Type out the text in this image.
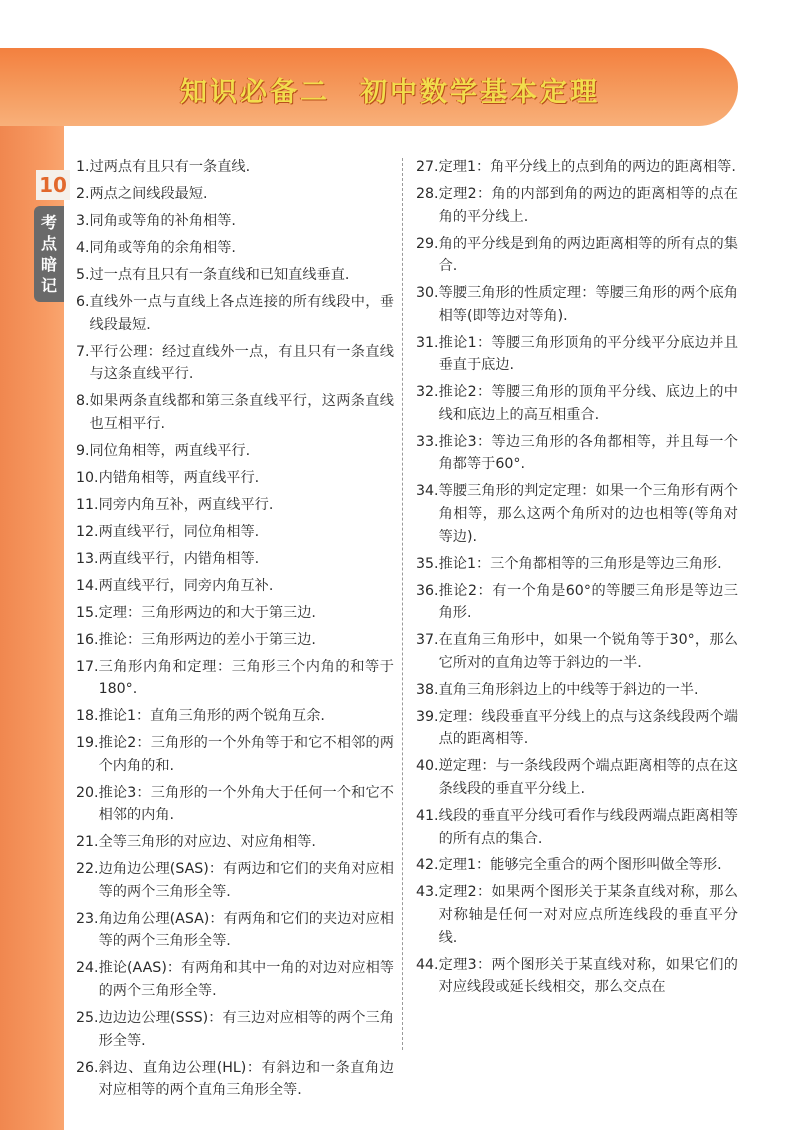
知识必备二　初中数学基本定理
10
考
点
暗
记
1. 过两点有且只有一条直线.
2. 两点之间线段最短.
3. 同角或等角的补角相等.
4. 同角或等角的余角相等.
5. 过一点有且只有一条直线和已知直线垂直.
6. 直线外一点与直线上各点连接的所有线段中，垂线段最短.
7. 平行公理：经过直线外一点，有且只有一条直线与这条直线平行.
8. 如果两条直线都和第三条直线平行，这两条直线也互相平行.
9. 同位角相等，两直线平行.
10. 内错角相等，两直线平行.
11. 同旁内角互补，两直线平行.
12. 两直线平行，同位角相等.
13. 两直线平行，内错角相等.
14. 两直线平行，同旁内角互补.
15. 定理：三角形两边的和大于第三边.
16. 推论：三角形两边的差小于第三边.
17. 三角形内角和定理：三角形三个内角的和等于180°.
18. 推论1：直角三角形的两个锐角互余.
19. 推论2：三角形的一个外角等于和它不相邻的两个内角的和.
20. 推论3：三角形的一个外角大于任何一个和它不相邻的内角.
21. 全等三角形的对应边、对应角相等.
22. 边角边公理(SAS)：有两边和它们的夹角对应相等的两个三角形全等.
23. 角边角公理(ASA)：有两角和它们的夹边对应相等的两个三角形全等.
24. 推论(AAS)：有两角和其中一角的对边对应相等的两个三角形全等.
25. 边边边公理(SSS)：有三边对应相等的两个三角形全等.
26. 斜边、直角边公理(HL)：有斜边和一条直角边对应相等的两个直角三角形全等.
27. 定理1：角平分线上的点到角的两边的距离相等.
28. 定理2：角的内部到角的两边的距离相等的点在角的平分线上.
29. 角的平分线是到角的两边距离相等的所有点的集合.
30. 等腰三角形的性质定理：等腰三角形的两个底角相等(即等边对等角).
31. 推论1：等腰三角形顶角的平分线平分底边并且垂直于底边.
32. 推论2：等腰三角形的顶角平分线、底边上的中线和底边上的高互相重合.
33. 推论3：等边三角形的各角都相等，并且每一个角都等于60°.
34. 等腰三角形的判定定理：如果一个三角形有两个角相等，那么这两个角所对的边也相等(等角对等边).
35. 推论1：三个角都相等的三角形是等边三角形.
36. 推论2：有一个角是60°的等腰三角形是等边三角形.
37. 在直角三角形中，如果一个锐角等于30°，那么它所对的直角边等于斜边的一半.
38. 直角三角形斜边上的中线等于斜边的一半.
39. 定理：线段垂直平分线上的点与这条线段两个端点的距离相等.
40. 逆定理：与一条线段两个端点距离相等的点在这条线段的垂直平分线上.
41. 线段的垂直平分线可看作与线段两端点距离相等的所有点的集合.
42. 定理1：能够完全重合的两个图形叫做全等形.
43. 定理2：如果两个图形关于某条直线对称，那么对称轴是任何一对对应点所连线段的垂直平分线.
44. 定理3：两个图形关于某直线对称，如果它们的对应线段或延长线相交，那么交点在
